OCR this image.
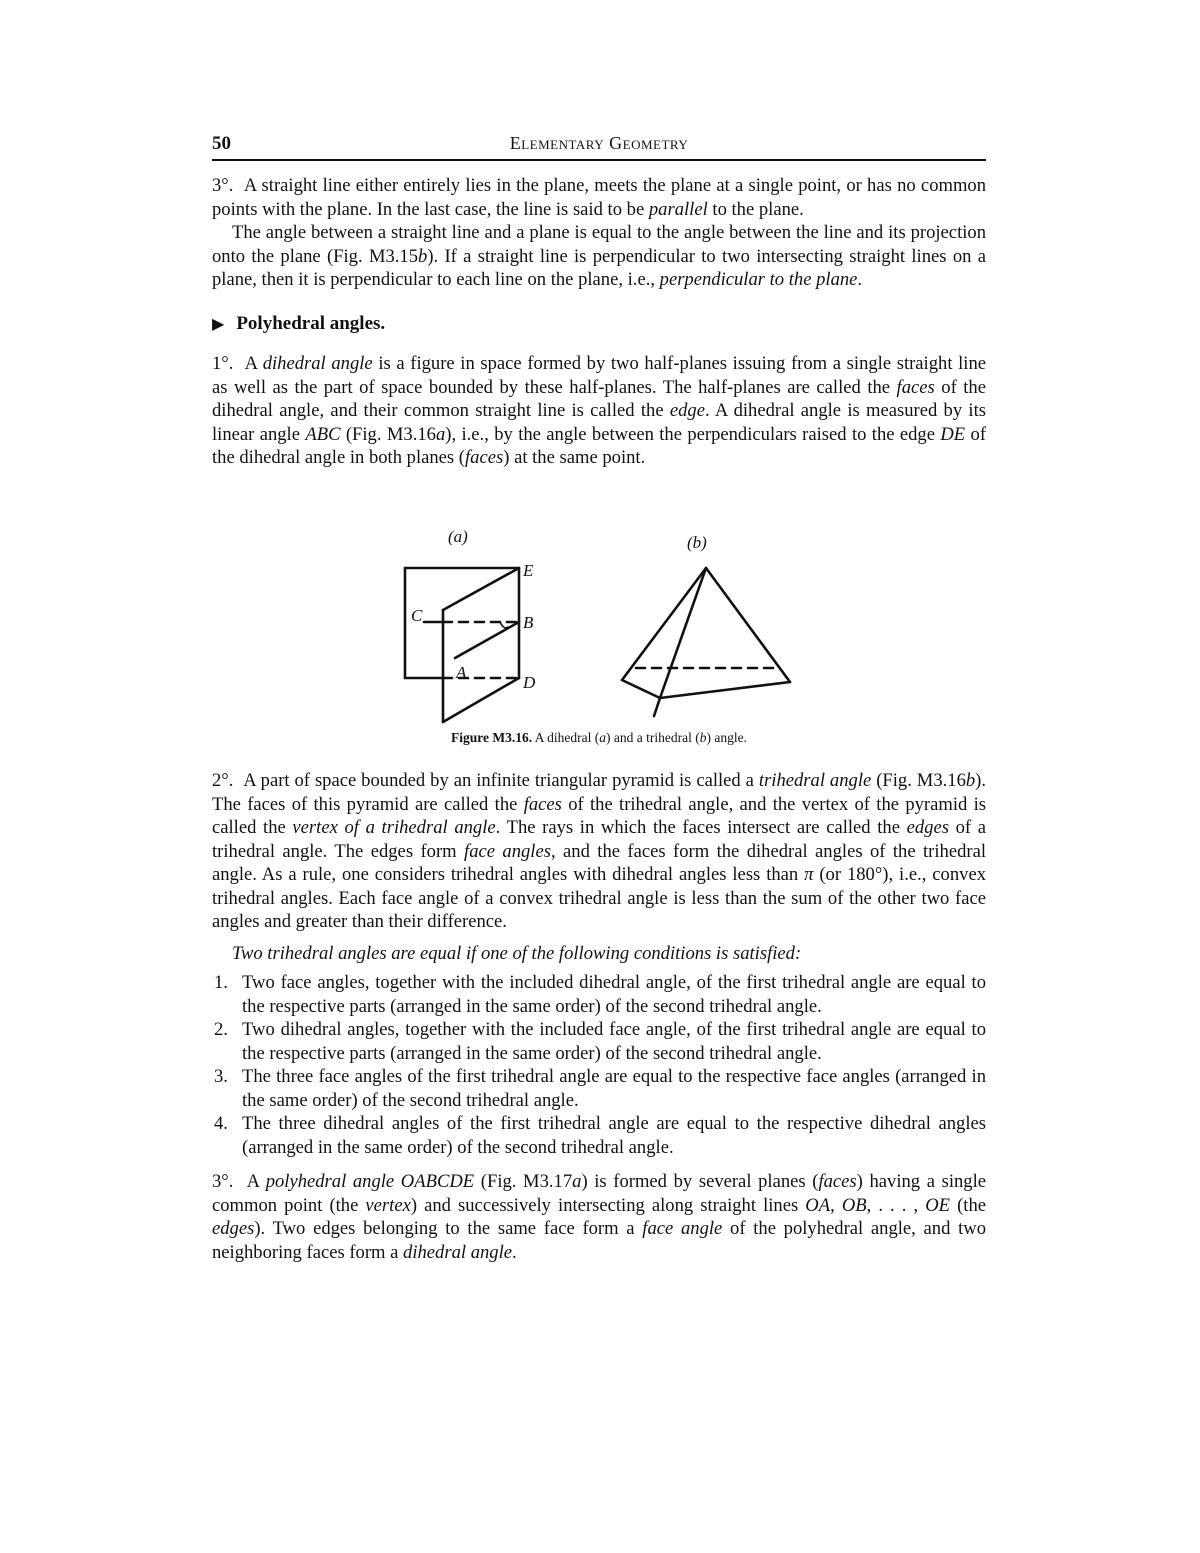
50	Elementary Geometry

3°. A straight line either entirely lies in the plane, meets the plane at a single point, or has no common points with the plane. In the last case, the line is said to be parallel to the plane.

The angle between a straight line and a plane is equal to the angle between the line and its projection onto the plane (Fig. M3.15b). If a straight line is perpendicular to two intersecting straight lines on a plane, then it is perpendicular to each line on the plane, i.e., perpendicular to the plane.

▶ Polyhedral angles.

1°. A dihedral angle is a figure in space formed by two half-planes issuing from a single straight line as well as the part of space bounded by these half-planes. The half-planes are called the faces of the dihedral angle, and their common straight line is called the edge. A dihedral angle is measured by its linear angle ABC (Fig. M3.16a), i.e., by the angle between the perpendiculars raised to the edge DE of the dihedral angle in both planes (faces) at the same point.

(a)	(b)
E
C	B
A
D
Figure M3.16. A dihedral (a) and a trihedral (b) angle.

2°. A part of space bounded by an infinite triangular pyramid is called a trihedral angle (Fig. M3.16b). The faces of this pyramid are called the faces of the trihedral angle, and the vertex of the pyramid is called the vertex of a trihedral angle. The rays in which the faces intersect are called the edges of a trihedral angle. The edges form face angles, and the faces form the dihedral angles of the trihedral angle. As a rule, one considers trihedral angles with dihedral angles less than π (or 180°), i.e., convex trihedral angles. Each face angle of a convex trihedral angle is less than the sum of the other two face angles and greater than their difference.

Two trihedral angles are equal if one of the following conditions is satisfied:

1. Two face angles, together with the included dihedral angle, of the first trihedral angle are equal to the respective parts (arranged in the same order) of the second trihedral angle.
2. Two dihedral angles, together with the included face angle, of the first trihedral angle are equal to the respective parts (arranged in the same order) of the second trihedral angle.
3. The three face angles of the first trihedral angle are equal to the respective face angles (arranged in the same order) of the second trihedral angle.
4. The three dihedral angles of the first trihedral angle are equal to the respective dihedral angles (arranged in the same order) of the second trihedral angle.

3°. A polyhedral angle OABCDE (Fig. M3.17a) is formed by several planes (faces) having a single common point (the vertex) and successively intersecting along straight lines OA, OB, . . . , OE (the edges). Two edges belonging to the same face form a face angle of the polyhedral angle, and two neighboring faces form a dihedral angle.
